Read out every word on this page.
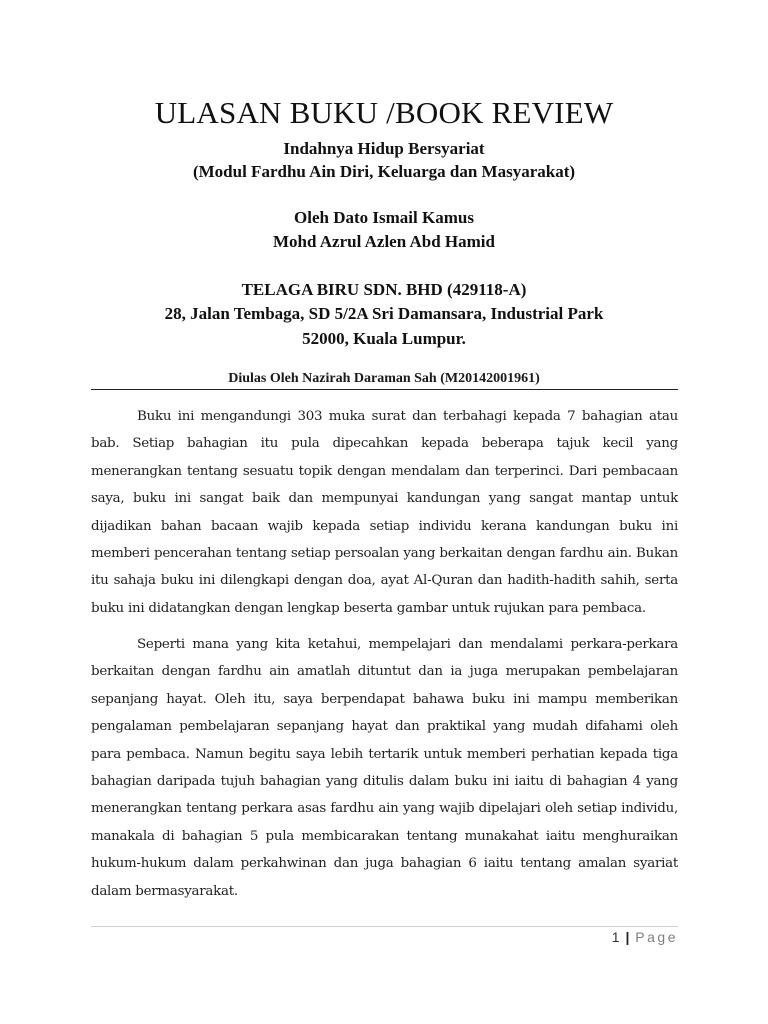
ULASAN BUKU /BOOK REVIEW
Indahnya Hidup Bersyariat
(Modul Fardhu Ain Diri, Keluarga dan Masyarakat)
Oleh Dato Ismail Kamus
Mohd Azrul Azlen Abd Hamid
TELAGA BIRU SDN. BHD (429118-A)
28, Jalan Tembaga, SD 5/2A Sri Damansara, Industrial Park
52000, Kuala Lumpur.
Diulas Oleh Nazirah Daraman Sah (M20142001961)

Buku ini mengandungi 303 muka surat dan terbahagi kepada 7 bahagian atau bab. Setiap bahagian itu pula dipecahkan kepada beberapa tajuk kecil yang menerangkan tentang sesuatu topik dengan mendalam dan terperinci. Dari pembacaan saya, buku ini sangat baik dan mempunyai kandungan yang sangat mantap untuk dijadikan bahan bacaan wajib kepada setiap individu kerana kandungan buku ini memberi pencerahan tentang setiap persoalan yang berkaitan dengan fardhu ain. Bukan itu sahaja buku ini dilengkapi dengan doa, ayat Al-Quran dan hadith-hadith sahih, serta buku ini didatangkan dengan lengkap beserta gambar untuk rujukan para pembaca.

Seperti mana yang kita ketahui, mempelajari dan mendalami perkara-perkara berkaitan dengan fardhu ain amatlah dituntut dan ia juga merupakan pembelajaran sepanjang hayat. Oleh itu, saya berpendapat bahawa buku ini mampu memberikan pengalaman pembelajaran sepanjang hayat dan praktikal yang mudah difahami oleh para pembaca. Namun begitu saya lebih tertarik untuk memberi perhatian kepada tiga bahagian daripada tujuh bahagian yang ditulis dalam buku ini iaitu di bahagian 4 yang menerangkan tentang perkara asas fardhu ain yang wajib dipelajari oleh setiap individu, manakala di bahagian 5 pula membicarakan tentang munakahat iaitu menghuraikan hukum-hukum dalam perkahwinan dan juga bahagian 6 iaitu tentang amalan syariat dalam bermasyarakat.

1 | Page
